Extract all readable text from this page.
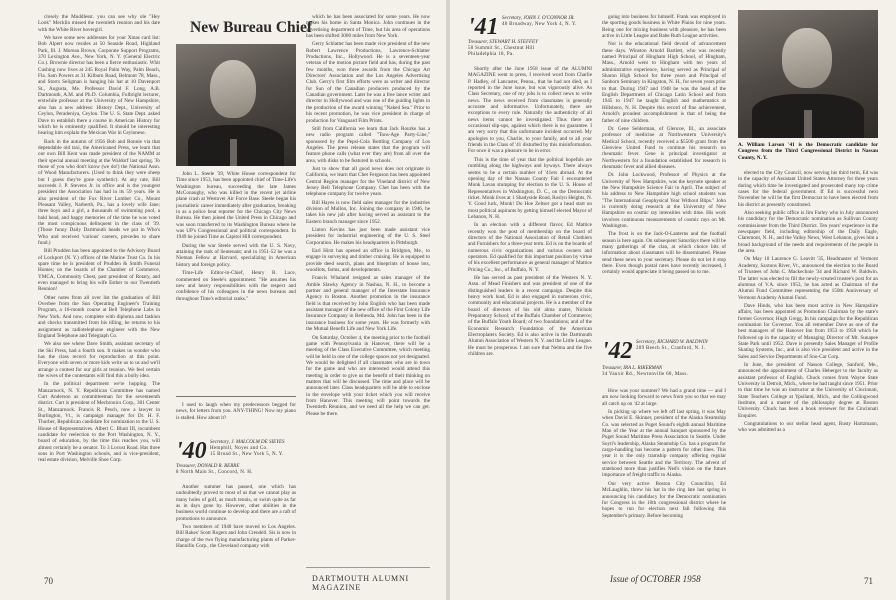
closely the Muddlesst. you can see why ole "Hey Look" Mecklin missed the twentieth reunion and his date with the White River hovergirl.

We have some new addresses for your Xmas card list: Bob Alpert now resides at 50 Seaside Road, Highland Park, Ill. J. Moreau Brown, Corporate Support Programs, 370 Lexington Ave., New York, N. Y. (General Electric Co.). Brownie director has been a fierce enthusiastic. Whit Cushing now lives at 245 Royal Palm Way, Palm Beach, Fla. Sam Powers at 31 Kilburn Road, Belmont 78, Mass., and Storrs Seligman is hanging his hat at 10 Davenport St., Augusta, Me. Professor David F. Long, A.B. Dartmouth, A.M. and Ph.D. Columbia, Fulbright lecturer, erstwhile professor at the University of New Hampshire, also has a new address: History Dept., University of Ceylon, Peradeniya, Ceylon. The U. S. State Dept. asked Dave to establish there a course in American History for which he is eminently qualified. It should be interesting hearing him explain the Mexican War in Ceylonese.

Back in the autumn of 1956 Bob and Ronnie via that dependable old taxi, the Americaned Press, we learn that our own Bill Kent was made president of the NAMM at their special annual meeting at the Waldorf last spring. To those of you who don't know (we do!) the National Assn. of Wood Manufacturers. (Used to think they were sheep but I guess they're gone synthetic). At any rate, Bill succeeds J. P. Stevens Jr. in office and is the youngest president the Association has had in its 59 years. He is also president of the Fox River Lumber Co., Mount Pleasant Valley, Narberth, Pa., has a lovely wife Jane; three boys and a girl, a thousands of swimming pool, a bald head, and happy memories of the time he was voted the most conspicuous delinquent in the class of '39. (Those funny Daily Dartmouth heads we put in Who's Who and received 'various' careers, precedes to share fund.)

Bill Prudden has been appointed to the Advisory Board of Lockport (N. Y.) offices of the Marine Trust Co. In his spare time he is president of Prudden & Smith Funeral Homes; on the boards of the Chamber of Commerce, YMCA, Community Chest, past president of Rotary, and even managed to bring his wife Esther to our Twentieth Reunion!

Other notes from all over list the graduation of Bill Overbee from the Sun Operating Engineer's Training Program, a 16-month course at Bell Telephone Labs in New York. And now, complete with diploma and fashion and checks transmitted from his tilling, he returns to his assignment as radiotelephone engineer with the New England Telephone and Telegraph Co.

We also see where Dave Smith, assistant secretary of the Ski Press, had a fourth son. It makes us wonder who has the class record for reproduction at this point. Everyone with seven or more kids write us to us and we'll arrange a contest for our girls at reunion. We feel certain the wives of the contestants will find this a bully idea.

In the political department we're hopping. The Manzarnock, N. Y. Republican Committee has named Curt Anderson as committeeman for the seventeenth district. Curt is president of Mechronics Corp., 301 Center St., Manzarnock. Francis R. Pesch, now a lawyer in Burlington, Vt., is campaign manager for Dr. H. F. Thurber, Republican candidate for nomination to the U. S. House of Representatives. Albert C. Blunt III, incumbent candidate for reelection to the Port Washington, N. Y., board of education, by the time this reaches you, will almost certainly be a senator. To 3 Locust Road. Has three sons in Port Washington schools, and is vice-president, real estate division, Melville Shoe Corp.

New Bureau Chief

John L. Steele '39, White House correspondent for Time since 1953, has been appointed chief of Time-Life's Washington bureau, succeeding the late James McConaughy, who was killed in the recent jet airline plane crash at Westover Air Force Base. Steele began his journalistic career immediately after graduation, breaking in as a police beat reporter for the Chicago City News Bureau. He then joined the United Press in Chicago and was soon transferred to its Washington Bureau where he was UP's Congressional and political correspondent. In 1949 he joined Time as Capitol Hill correspondent.

During the war Steele served with the U. S. Navy, attaining the rank of lieutenant; and in 1951-52 he was a Nieman Fellow at Harvard, specializing in American history and foreign policy.

Time-Life Editor-in-Chief, Henry R. Luce, commented on Steele's appointment: "He assumes his new and heavy responsibilities with the respect and confidence of his colleagues in the news bureaus and throughout Time's editorial ranks."

I used to laugh when my predecessors begged for news, for letters from you. ANY-THING! Now my piano is stalled. How about it?

'40 Secretary, J. MALCOLM DE SIEYES
Hemphill, Noyes and Co.
15 Broad St., New York 5, N. Y.
Treasurer, DONALD R. BERRE
8 North Main St., Concord, N. H.

Another summer has passed, one which has undoubtedly proved to most of us that we cannot play as many holes of golf, as much tennis, or swim quite as far as in days gone by. However, other abilities in the business world continue to develop and there are a raft of promotions to announce.

Two members of 1940 have moved to Los Angeles. Bill Rakes' Scott Rogers and John Crendell. Sis is now in charge of the two flying manufacturing plants of Parker-Hannifin Corp., the Cleveland company with

which he has been associated for some years. He now makes his home in Santa Monica. John continues in the advertising department of Time, but his area of operations has been shifted 3000 miles from New York.

Gerry Schlatter has been made vice president of the new Robert Lawrence Productions, Lawrence-Schlatter Productions, Inc., Hollywood. He is a seventeen-year veteran of the motion picture field and has, during the past few months, won three awards from the Chicago Art Directors' Association and the Los Angeles Advertising Club. Gerry's first film efforts were as writer and director for Sun of the Canadian producers produced by the Canadian government. Later he was a free lance writer and director in Hollywood and was one of the guiding lights in the production of the award winning "Naked Sea." Prior to his recent promotion, he was vice president in charge of production for Vanguard Film Prints.

Still from California we learn that Jack Rourke has a new radio program called "Tons-Age Party-Line," sponsored by the Pepsi-Cola Bottling Company of Los Angeles. The press release states that the program will feature phone calls (what ever they are) from all over the area, with disks to be featured in schools.

Just to show that all good news does not originate in California, we learn that Chet Ferguson has been appointed Central Region manager for the Vineland district of New Jersey Bell Telephone Company. Chet has been with the telephone company for twelve years.

Bill Hayes is now field sales manager for the industries division of Mullon, Inc. Joining the company in 1946, he takes his new job after having served as assistant to the Eastern branch manager since 1952.

Linton Kevins has just been made assistant vice president for industrial engineering of the U. S. Steel Corporation. He makes his headquarters in Pittsburgh.

Earl Hirst has opened an office in Bridgton, Me., to engage in surveying and timber cruising. He is equipped to provide deed search, plans and blueprints of house lots, woodlots, farms, and developments.

Francis Whaland resigned as sales manager of the Amble Slawky Agency in Nashua, N. H., to become a partner and general manager of the Interstate Insurance Agency in Boston. Another promotion in the insurance field is that received by John English who has been made assistant manager of the new office of the First Colony Life Insurance Company in Bethesda, Md. John has been in the insurance business for some years. He was formerly with the Mutual Benefit Life and New York Life.

On Saturday, October 4, the meeting prior to the football game with Pennsylvania in Hanover, there will be a meeting of the Class Executive Committee, which meeting will be held in one of the college spaces not yet designated. We would be delighted if all classmates who are in town for the game and who are interested would attend this meeting in order to give us the benefit of their thinking on matters that will be discussed. The time and place will be announced later. Class headquarters will be able to enclose in the envelope with your ticket which you will receive from Hanover. This meeting will point towards the Twentieth Reunion, and we need all the help we can get. Please be there.

70	DARTMOUTH ALUMNI MAGAZINE
'41 Secretary, JOHN J. O'CONNOR JR.
40 Broadway, New York 4, N. Y.
Treasurer, STEWART H. STEFFEY
50 Summit St., Chestnut Hill
Philadelphia 18, Pa.

Shortly after the June 1958 issue of the ALUMNI MAGAZINE went to press, I received word from Charlie P. Hadley, of Lancaster, Penna., that he had not died, as I reported in the June issue, but was vigorously alive. As Class Secretary, one of my jobs is to collect news to write news. The news received from classmates is generally accurate and informative. Unfortunately, there are exceptions to every rule. Naturally the authenticity of all news items cannot be investigated. Thus there are occasional slip-ups, against which there is no guarantee. I am very sorry that this unfortunate incident occurred. My apologies to you, Charlie, to your family, and to all your friends in the Class of '41 disturbed by this misinformation. For once it was a pleasure to be in error.

This is the time of year that the political hopefuls are rumbling along the highways and byways. There always seems to be a certain number of '41ers abroad. At the opening day of the Nassau County Fair I encountered Monk Lavan stumping for election to the U. S. House of Representatives in Washington, D. C., on the Democratic ticket. Monk lives at 1 Shadyside Road, Roslyn Heights, N. Y. Good luck, Monk! Do Hoe Zeltser got a head start on most political aspirants by getting himself elected Mayor of Lebanon, N. H.

In an election with a different flavor, Ed Mattice recently won the post of membership on the board of directors of the National Association of Retail Clothiers and Furnishers for a three-year term. Ed is on the boards of numerous civic organizations and various owners and operators. Ed qualified for this important position by virtue of his excellent performance as general manager of Mattice Pricing Co., Inc., of Buffalo, N. Y.

He has served as past president of the Western N. Y. Assn. of Mead Finishers and was president of one of the distinguished leaders in a recent campaign. Despite this heavy work load, Ed is also engaged in numerous civic, community and educational projects. He is a member of the board of directors of his old alma mater, Nichols Preparatory School; of the Buffalo Chamber of Commerce; of the Buffalo Youth Board; of two foundations; and of the Economic Research Foundation of the American Electroplaters Society. Ed is also active in the Dartmouth Alumni Association of Western N. Y. and the Little League. He must be prosperous. I am sure that Nelma and the five children are.

going into business for himself. Frank was employed in the sporting goods business in White Plains for nine years. Being one for mixing business with pleasure, he has been active in Little League and Babe Ruth League activities.

Nor is the educational field devoid of advancement these days. Winston Arnold Bartlett, who was recently named Principal of Hingham High School, of Hingham, Mass., Arnold went to Hingham with ten years of administrative experience, having served as Principal of Sharon High School for three years and Principal of Sanborn Seminary in Kingston, N. H., for seven years prior to that. During 1947 and 1948 he was the head of the English Department of Chicago Latin School and from 1945 to 1947 he taught English and mathematics at Hillsboro, N. H. Despite this record of fine achievement, Arnold's proudest accomplishment is that of being the father of nine children.

Dr. Gene Selderman, of Glencoe, Ill., an associate professor of medicine at Northwestern University's Medical School, recently received a $5500 grant from the Glenview United Fund to continue his research on rheumatic fever. Gene is principal investigator at Northwestern for a foundation established for research in rheumatic fever and allied diseases.

Dr. John Lockwood, Professor of Physics at the University of New Hampshire, was the keynote speaker at the New Hampshire Science Fair in April. The subject of his address to New Hampshire high school students was "The International Geophysical Year Without Blips." John is currently doing research at the University of New Hampshire on cosmic ray intensities with time. His work involves continuous measurements of cosmic rays on Mt. Washington.

The frost is on the Jack-O-Lanterns and the football season is here again. On subsequent Saturdays there will be many gatherings of the clan, at which choice bits of information about classmates will be disseminated. Please send these news to your secretary. Please do not let it stop there. Even though postal rates have recently increased, I certainly would appreciate it being passed on to me.

'42 Secretary, RICHARD W. BALDWIN
209 Beech St., Cranford, N. J.
Treasurer, IRA L. RIKERMAN
34 Vauxit Rd., Newtonville 60, Mass.

How was your summer? We had a grand time — and I am now looking forward to news from you so that we may all catch up on '42 at large.

In picking up where we left off last spring, it was May when David E. Skinner, president of the Alaska Steamship Co. was selected as Puget Sound's eighth annual Maritime Man of the Year at the annual banquet sponsored by the Puget Sound Maritime Press Association in Seattle. Under Soyti's leadership, Alaska Steamship Co. has a program for cargo-handling has become a pattern for other lines. This year it is the only tramship company offering regular service between Seattle and the Territory. The advent of statehood more than justifies Ned's vision on the future importance of freight traffic to Alaska.

Our very active Boston City Councillor, Ed McLaughlin, threw his hat in the ring late last spring in announcing his candidacy for the Democratic nomination for Congress in the 10th congressional district where he hopes to run for election next fall following this September's primary. Before becoming

Issue of OCTOBER 1958

A. William Larson '41 is the Democratic candidate for Congress from the Third Congressional District in Nassau County, N. Y.

elected to the City Council, now serving his third term, Ed was in the capacity of Assistant United States Attorney for three years during which time he investigated and prosecuted many top crime cases for the federal government. If Ed is successful next November he will be the first Democrat to have been elected from his district as presently constituted.

Also seeking public office is Jim Farley who in July announced his candidacy for the Democratic nomination as Sullivan County commissioner from the Third District. Ten years' experience in the newspaper field, including editorship of the Daily Eagle, Claremont, N. H., and the Valley News, West Lebanon, gives him a broad background of the needs and requirements of the people in the area.

On May 10 Laurence G. Leavitt '35, Headmaster of Vermont Academy, Saxtons River, Vt., announced the election to the Board of Trustees of John C. Mackechnie '34 and Richard W. Baldwin. The latter was elected to fill the newly-created trustee's post for an alumnus of V.A. since 1953, he has acted as Chairman of the Alumni Fund Committee representing the 150th Anniversary of Vermont Academy Alumni Fund.

Dave Hinds, who has been most active in New Hampshire affairs, has been appointed as Promotion Chairman by the state's former Governor, Hugh Gregg. In his campaign for the Republican nomination for Governor. You all remember Dave as one of the best managers of the Hanover Inn from 1953 to 1958 which he followed up in the capacity of Managing Director of Mt. Sunapee State Park until 1952. Dave is presently Sales Manager of Profile Skating Systems, Inc., and is also vice president and active in the Sales and Service Departments of Sno-Car Corp.

In June, the president of Nasson College, Sanford, Me., announced the appointment of Charles Heberger to the faculty as assistant professor of English. Chuck comes from Wayne State University in Detroit, Mich., where he had taught since 1951. Prior to that time he was an instructor at the University of Cincinnati, State Teachers College at Ypsilanti, Mich., and the Collingwood Institute, and a master of the philosophy degree at Boston University. Chuck has been a book reviewer for the Cincinnati Enquirer.

Congratulations to our stellar head agent, Rusty Hartzmann, who was admitted as a

71
